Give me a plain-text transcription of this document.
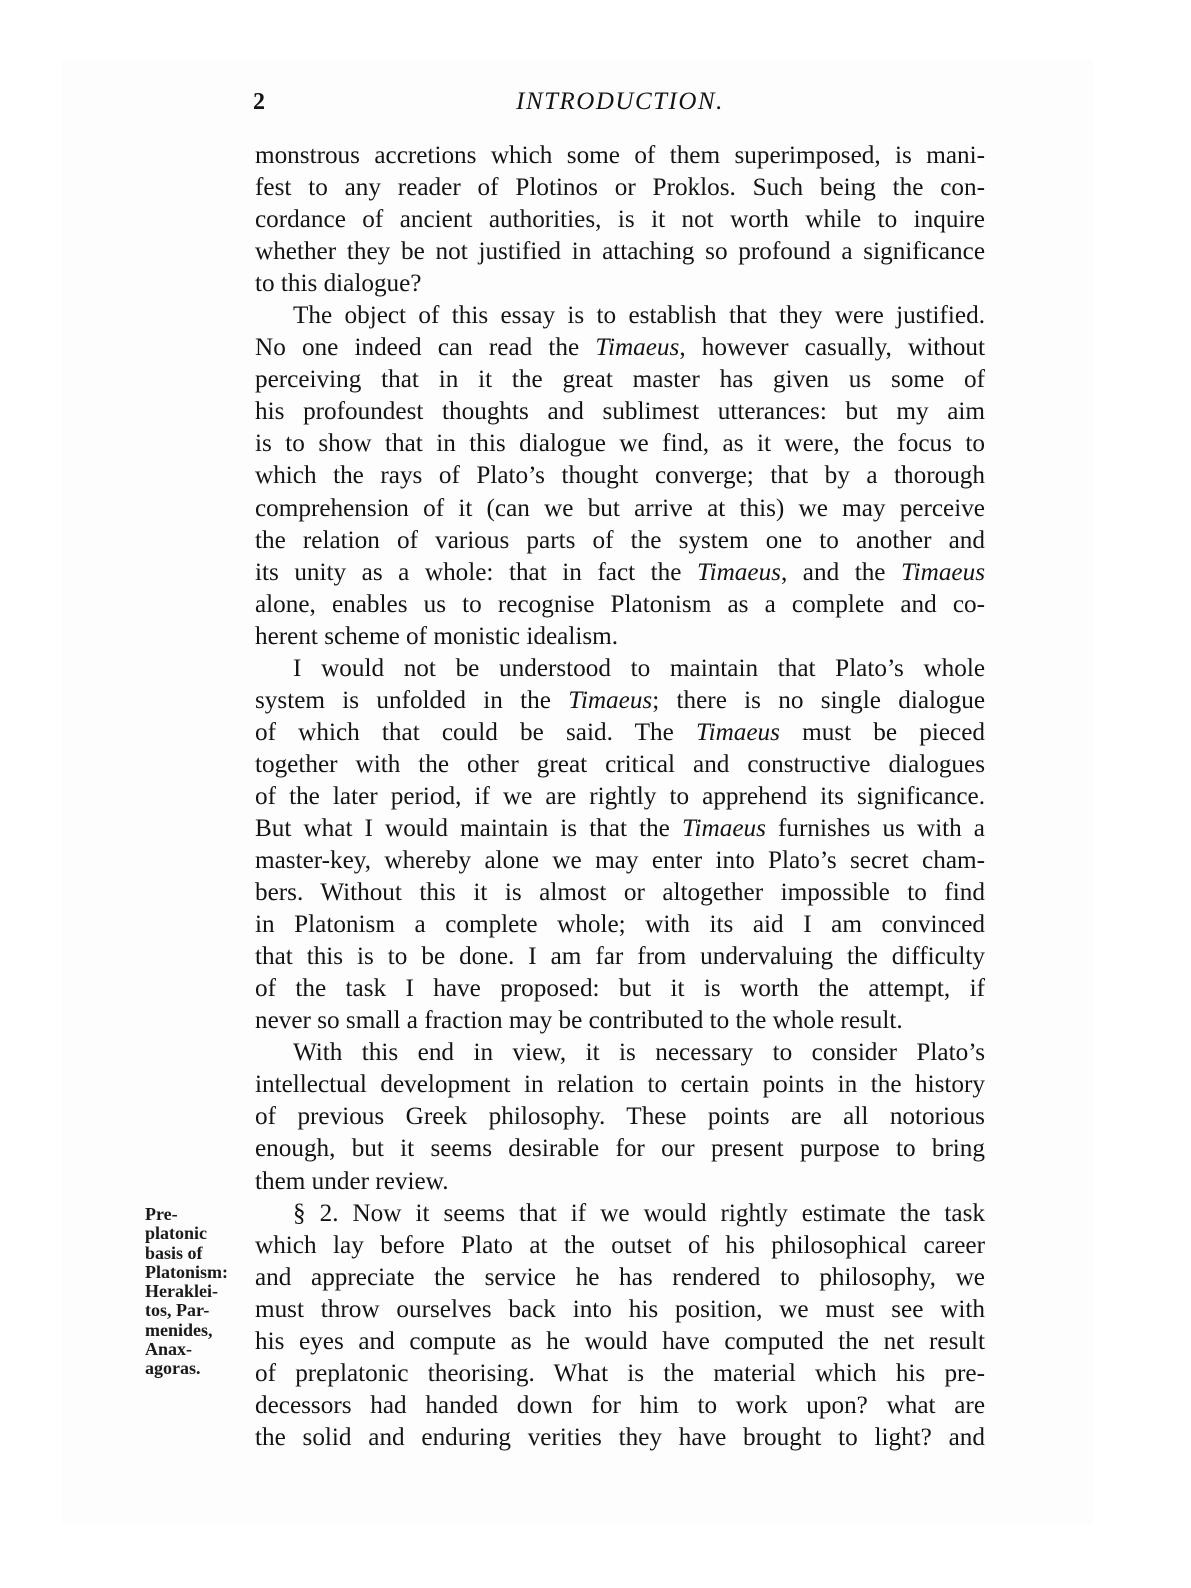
2	INTRODUCTION.
Pre-
platonic
basis of
Platonism:
Heraklei-
tos, Par-
menides,
Anax-
agoras.
monstrous accretions which some of them superimposed, is mani-
fest to any reader of Plotinos or Proklos. Such being the con-
cordance of ancient authorities, is it not worth while to inquire
whether they be not justified in attaching so profound a significance
to this dialogue?
The object of this essay is to establish that they were justified.
No one indeed can read the Timaeus, however casually, without
perceiving that in it the great master has given us some of
his profoundest thoughts and sublimest utterances: but my aim
is to show that in this dialogue we find, as it were, the focus to
which the rays of Plato’s thought converge; that by a thorough
comprehension of it (can we but arrive at this) we may perceive
the relation of various parts of the system one to another and
its unity as a whole: that in fact the Timaeus, and the Timaeus
alone, enables us to recognise Platonism as a complete and co-
herent scheme of monistic idealism.
I would not be understood to maintain that Plato’s whole
system is unfolded in the Timaeus; there is no single dialogue
of which that could be said. The Timaeus must be pieced
together with the other great critical and constructive dialogues
of the later period, if we are rightly to apprehend its significance.
But what I would maintain is that the Timaeus furnishes us with a
master-key, whereby alone we may enter into Plato’s secret cham-
bers. Without this it is almost or altogether impossible to find
in Platonism a complete whole; with its aid I am convinced
that this is to be done. I am far from undervaluing the difficulty
of the task I have proposed: but it is worth the attempt, if
never so small a fraction may be contributed to the whole result.
With this end in view, it is necessary to consider Plato’s
intellectual development in relation to certain points in the history
of previous Greek philosophy. These points are all notorious
enough, but it seems desirable for our present purpose to bring
them under review.
§ 2. Now it seems that if we would rightly estimate the task
which lay before Plato at the outset of his philosophical career
and appreciate the service he has rendered to philosophy, we
must throw ourselves back into his position, we must see with
his eyes and compute as he would have computed the net result
of preplatonic theorising. What is the material which his pre-
decessors had handed down for him to work upon? what are
the solid and enduring verities they have brought to light? and
